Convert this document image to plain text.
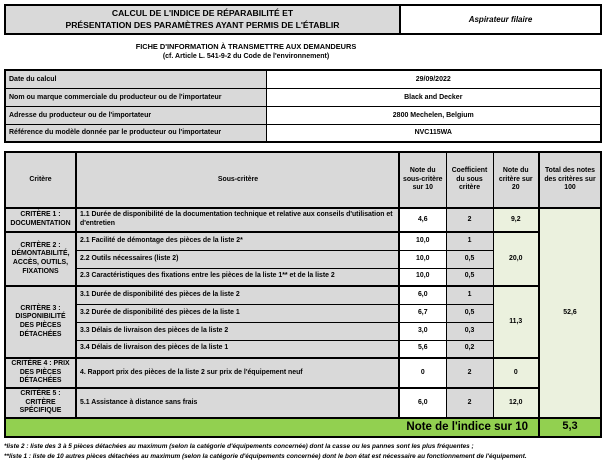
CALCUL DE L'INDICE DE RÉPARABILITÉ ET
PRÉSENTATION DES PARAMÈTRES AYANT PERMIS DE L'ÉTABLIR	Aspirateur filaire
FICHE D'INFORMATION À TRANSMETTRE AUX DEMANDEURS
(cf. Article L. 541-9-2 du Code de l'environnement)
Date du calcul	29/09/2022
Nom ou marque commerciale du producteur ou de l'importateur	Black and Decker
Adresse du producteur ou de l'importateur	2800 Mechelen, Belgium
Référence du modèle donnée par le producteur ou l'importateur	NVC115WA
Critère	Sous-critère	Note du sous-critère sur 10	Coefficient du sous critère	Note du critère sur 20	Total des notes des critères sur 100
CRITÈRE 1 : DOCUMENTATION	1.1 Durée de disponibilité de la documentation technique et relative aux conseils d'utilisation et d'entretien	4,6	2	9,2	52,6
CRITÈRE 2 : DÉMONTABILITÉ, ACCÈS, OUTILS, FIXATIONS	2.1 Facilité de démontage des pièces de la liste 2*	10,0	1	20,0	
	2.2 Outils nécessaires (liste 2)	10,0	0,5		
	2.3 Caractéristiques des fixations entre les pièces de la liste 1** et de la liste 2	10,0	0,5		
CRITÈRE 3 : DISPONIBILITÉ DES PIÈCES DÉTACHÉES	3.1 Durée de disponibilité des pièces de la liste 2	6,0	1	11,3	
	3.2 Durée de disponibilité des pièces de la liste 1	6,7	0,5		
	3.3 Délais de livraison des pièces de la liste 2	3,0	0,3		
	3.4 Délais de livraison des pièces de la liste 1	5,6	0,2		
CRITÈRE 4 : PRIX DES PIÈCES DÉTACHÉES	4. Rapport prix des pièces de la liste 2 sur prix de l'équipement neuf	0	2	0	
CRITÈRE 5 : CRITÈRE SPÉCIFIQUE	5.1 Assistance à distance sans frais	6,0	2	12,0	
Note de l'indice sur 10					5,3
*liste 2 : liste des 3 à 5 pièces détachées au maximum (selon la catégorie d'équipements concernée) dont la casse ou les pannes sont les plus fréquentes ;
**liste 1 : liste de 10 autres pièces détachées au maximum (selon la catégorie d'équipements concernée) dont le bon état est nécessaire au fonctionnement de l'équipement.
